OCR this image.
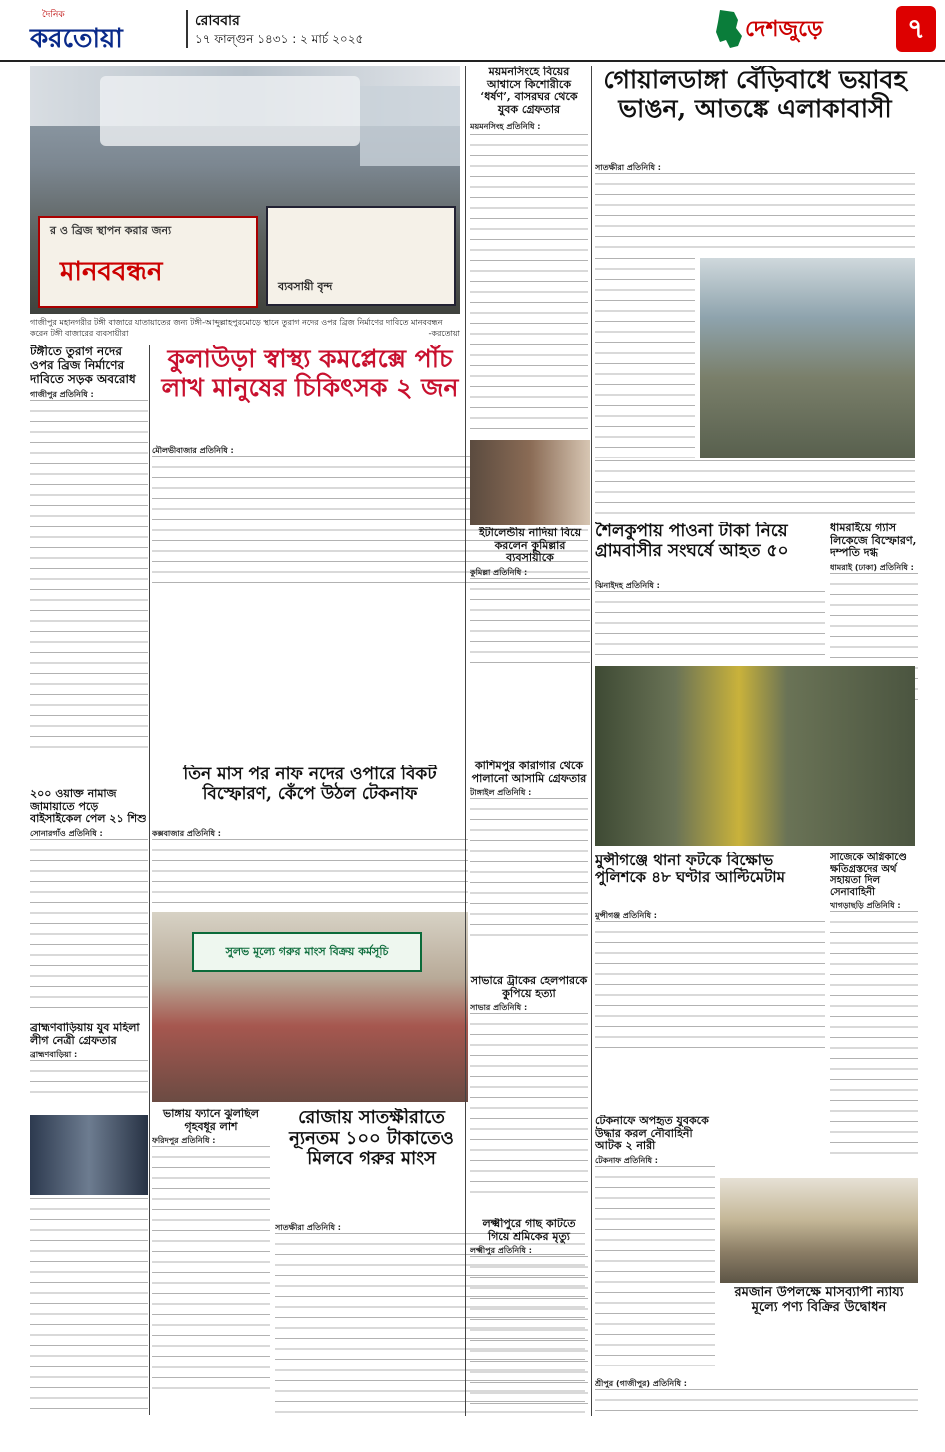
দৈনিক
করতোয়া
রোববার
১৭ ফাল্গুন ১৪৩১ : ২ মার্চ ২০২৫	দেশজুড়ে	৭
র ও ব্রিজ স্থাপন করার জন্য
মানববন্ধন	ব্যবসায়ী বৃন্দ
গাজীপুর মহানগরীর টঙ্গী বাজারে যাতায়াতের জন্য টঙ্গী-আব্দুল্লাহপুরমোড়ে স্থানে তুরাগ নদের ওপর ব্রিজ নির্মাণের দাবিতে মানববন্ধন করেন টঙ্গী বাজারের ব্যবসায়ীরা	-করতোয়া
ময়মনসিংহে বিয়ের আশ্বাসে কিশোরীকে ‘ধর্ষণ’, বাসরঘর থেকে যুবক গ্রেফতার
ময়মনসিংহ প্রতিনিধি :
গোয়ালডাঙ্গা বেঁড়িবাধে ভয়াবহ ভাঙন, আতঙ্কে এলাকাবাসী
সাতক্ষীরা প্রতিনিধি :
টঙ্গীতে তুরাগ নদের ওপর ব্রিজ নির্মাণের দাবিতে সড়ক অবরোধ
গাজীপুর প্রতিনিধি :
কুলাউড়া স্বাস্থ্য কমপ্লেক্সে পাঁচ লাখ মানুষের চিকিৎসক ২ জন
মৌলভীবাজার প্রতিনিধি :
ইটালেন্ডীয় নাদিয়া বিয়ে করলেন কুমিল্লার ব্যবসায়ীকে
কুমিল্লা প্রতিনিধি :
শৈলকুপায় পাওনা টাকা নিয়ে গ্রামবাসীর সংঘর্ষে আহত ৫০
ঝিনাইদহ প্রতিনিধি :
ধামরাইয়ে গ্যাস লিকেজে বিস্ফোরণ, দম্পতি দগ্ধ
ধামরাই (ঢাকা) প্রতিনিধি :
২০০ ওয়াক্ত নামাজ জামায়াতে পড়ে বাইসাইকেল পেল ২১ শিশু
সোনারগাঁও প্রতিনিধি :
তিন মাস পর নাফ নদের ওপারে বিকট বিস্ফোরণ, কেঁপে উঠল টেকনাফ
কক্সবাজার প্রতিনিধি :
কাশিমপুর কারাগার থেকে পালানো আসামি গ্রেফতার
টাঙ্গাইল প্রতিনিধি :
মুন্সীগঞ্জে থানা ফটকে বিক্ষোভ পুলিশকে ৪৮ ঘণ্টার আল্টিমেটাম
মুন্সীগঞ্জ প্রতিনিধি :
সাজেকে অগ্নিকাণ্ডে ক্ষতিগ্রস্তদের অর্থ সহায়তা দিল সেনাবাহিনী
খাগড়াছড়ি প্রতিনিধি :
সুলভ মূল্যে গরুর মাংস বিক্রয় কর্মসূচি
সাভারে ট্রাকের হেলপারকে কুপিয়ে হত্যা
সাভার প্রতিনিধি :
ব্রাহ্মণবাড়িয়ায় যুব মহিলা লীগ নেত্রী গ্রেফতার
ব্রাহ্মণবাড়িয়া :
ভাঙ্গায় ফ্যানে ঝুলছিল গৃহবধূর লাশ
ফরিদপুর প্রতিনিধি :
রোজায় সাতক্ষীরাতে ন্যূনতম ১০০ টাকাতেও মিলবে গরুর মাংস
সাতক্ষীরা প্রতিনিধি :	লক্ষ্মীপুরে গাছ কাটতে গিয়ে শ্রমিকের মৃত্যু
লক্ষ্মীপুর প্রতিনিধি :
টেকনাফে অপহৃত যুবককে উদ্ধার করল নৌবাহিনী আটক ২ নারী
টেকনাফ প্রতিনিধি :
রমজান উপলক্ষে মাসব্যাপী ন্যায্য মূল্যে পণ্য বিক্রির উদ্বোধন
শ্রীপুর (গাজীপুর) প্রতিনিধি :
